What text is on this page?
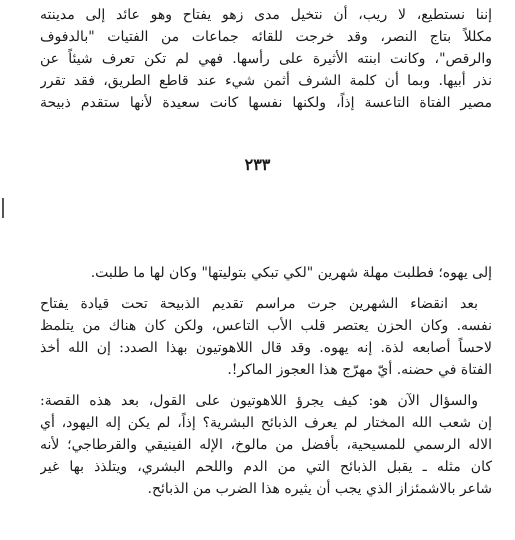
إننا نستطيع، لا ريب، أن نتخيل مدى زهو يفتاح وهو عائد إلى مدينته
مكللاً بتاج النصر، وقد خرجت للقائه جماعات من الفتيات "بالدفوف
والرقص"، وكانت ابنته الأثيرة على رأسها. فهي لم تكن تعرف شيئاً عن
نذر أبيها. وبما أن كلمة الشرف أثمن شيء عند قاطع الطريق، فقد تقرر
مصير الفتاة التاعسة إذاً، ولكنها نفسها كانت سعيدة لأنها ستقدم ذبيحة
٢٣٣
إلى يهوه؛ فطلبت مهلة شهرين "لكي تبكي بتوليتها" وكان لها ما طلبت.
بعد انقضاء الشهرين جرت مراسم تقديم الذبيحة تحت قيادة يفتاح
نفسه. وكان الحزن يعتصر قلب الأب التاعس، ولكن كان هناك من يتلمظ
لاحساً أصابعه لذة. إنه يهوه. وقد قال اللاهوتيون بهذا الصدد: إن الله أخذ
الفتاة في حضنه. أيّ مهرّج هذا العجوز الماكر!.
والسؤال الآن هو: كيف يجرؤ اللاهوتيون على القول، بعد هذه القصة:
إن شعب الله المختار لم يعرف الذبائح البشرية؟ إذاً، لم يكن إله اليهود، أي
الاله الرسمي للمسيحية، بأفضل من مالوخ، الإله الفينيقي والقرطاجي؛ لأنه
كان مثله ـ يقبل الذبائح التي من الدم واللحم البشري، ويتلذذ بها غير
شاعر بالاشمئزاز الذي يجب أن يثيره هذا الضرب من الذبائح.
